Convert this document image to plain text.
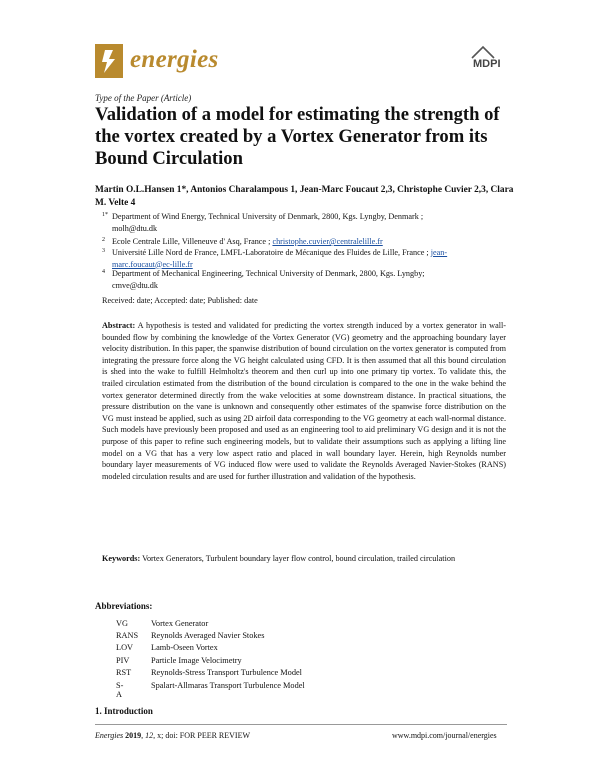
energies	MDPI
Type of the Paper (Article)
Validation of a model for estimating the strength of the vortex created by a Vortex Generator from its Bound Circulation
Martin O.L.Hansen 1*, Antonios Charalampous 1, Jean-Marc Foucaut 2,3, Christophe Cuvier 2,3, Clara
M. Velte 4
1* Department of Wind Energy, Technical University of Denmark, 2800, Kgs. Lyngby, Denmark ;
molh@dtu.dk
2 Ecole Centrale Lille, Villeneuve d' Asq, France ; christophe.cuvier@centralelille.fr
3 Université Lille Nord de France, LMFL-Laboratoire de Mécanique des Fluides de Lille, France ; jean-
marc.foucaut@ec-lille.fr
4 Department of Mechanical Engineering, Technical University of Denmark, 2800, Kgs. Lyngby;
cmve@dtu.dk
Received: date; Accepted: date; Published: date
Abstract: A hypothesis is tested and validated for predicting the vortex strength induced by a vortex generator in wall-bounded flow by combining the knowledge of the Vortex Generator (VG) geometry and the approaching boundary layer velocity distribution. In this paper, the spanwise distribution of bound circulation on the vortex generator is computed from integrating the pressure force along the VG height calculated using CFD. It is then assumed that all this bound circulation is shed into the wake to fulfill Helmholtz's theorem and then curl up into one primary tip vortex. To validate this, the trailed circulation estimated from the distribution of the bound circulation is compared to the one in the wake behind the vortex generator determined directly from the wake velocities at some downstream distance. In practical situations, the pressure distribution on the vane is unknown and consequently other estimates of the spanwise force distribution on the VG must instead be applied, such as using 2D airfoil data corresponding to the VG geometry at each wall-normal distance. Such models have previously been proposed and used as an engineering tool to aid preliminary VG design and it is not the purpose of this paper to refine such engineering models, but to validate their assumptions such as applying a lifting line model on a VG that has a very low aspect ratio and placed in wall boundary layer. Herein, high Reynolds number boundary layer measurements of VG induced flow were used to validate the Reynolds Averaged Navier-Stokes (RANS) modeled circulation results and are used for further illustration and validation of the hypothesis.
Keywords: Vortex Generators, Turbulent boundary layer flow control, bound circulation, trailed circulation
Abbreviations:
VG	Vortex Generator
RANS Reynolds Averaged Navier Stokes
LOV Lamb-Oseen Vortex
PIV	Particle Image Velocimetry
RST Reynolds-Stress Transport Turbulence Model
S-A
Spalart-Allmaras Transport Turbulence Model
1. Introduction
Energies 2019, 12, x; doi: FOR PEER REVIEW	www.mdpi.com/journal/energies
